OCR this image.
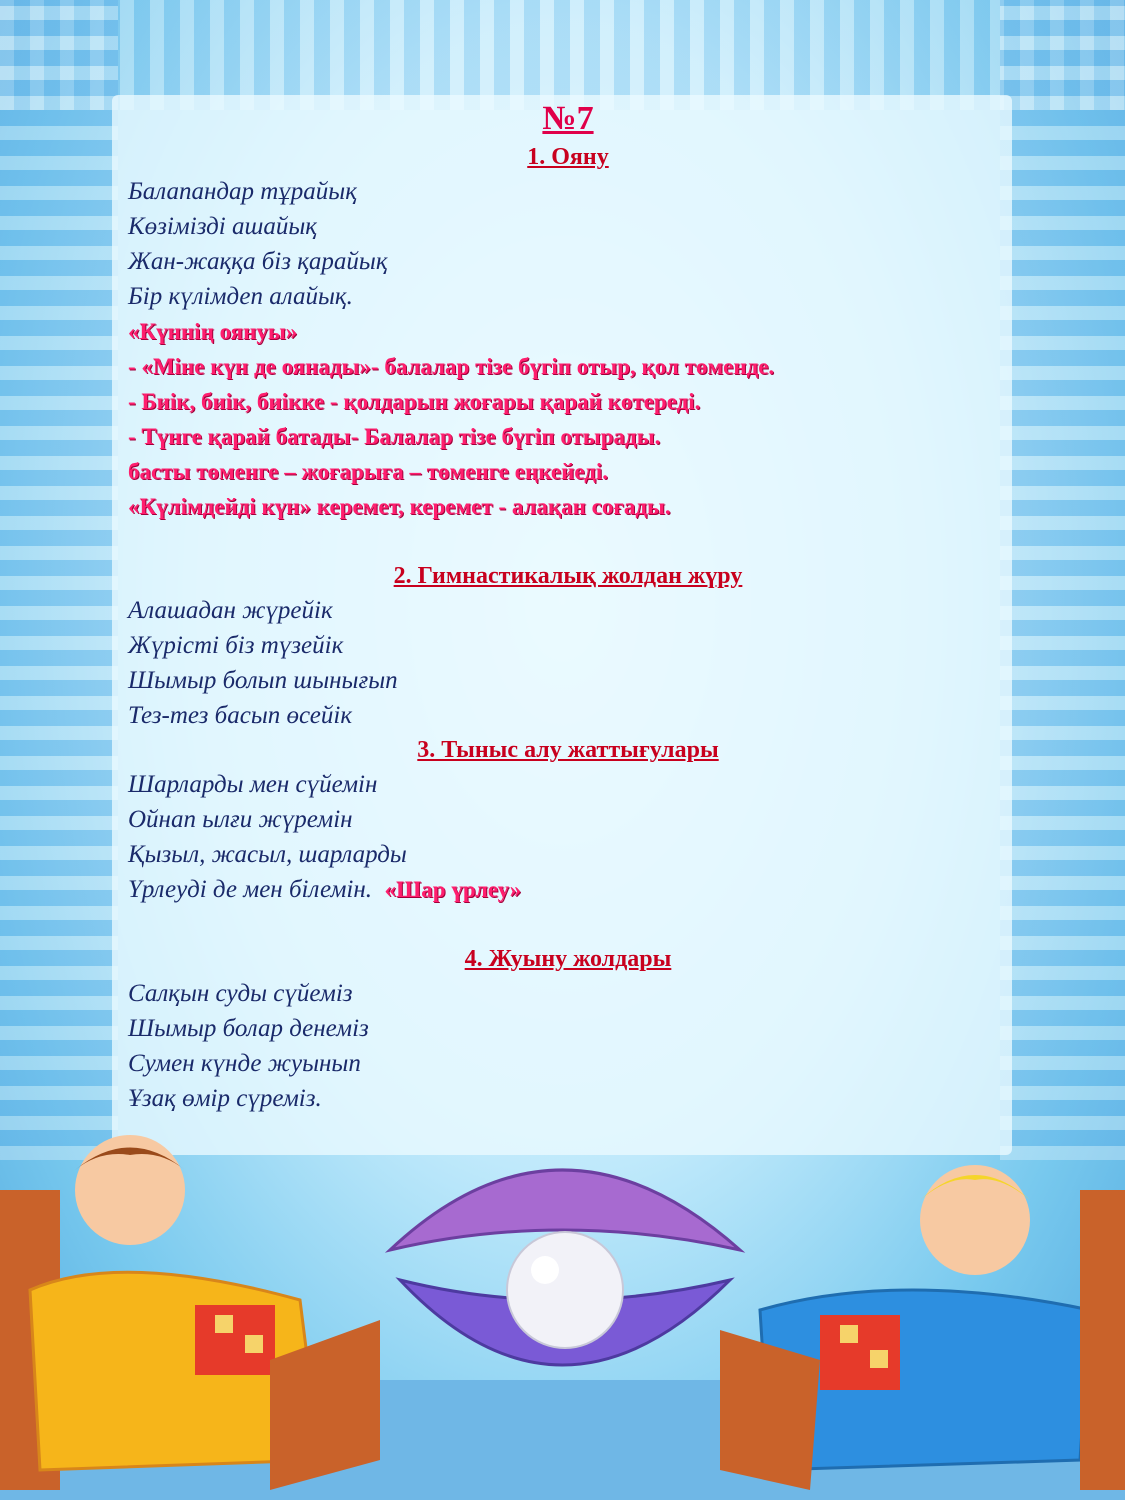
№7
1. Ояну
Балапандар тұрайық
Көзімізді ашайық
Жан-жаққа біз қарайық
Бір күлімдеп алайық.
«Күннің оянуы»
- «Міне күн де оянады»- балалар тізе бүгіп отыр, қол төменде.
- Биік, биік, биікке - қолдарын жоғары қарай көтереді.
- Түнге қарай батады- Балалар тізе бүгіп отырады.
басты төменге – жоғарыға – төменге еңкейеді.
«Күлімдейді күн» керемет, керемет - алақан соғады.
2. Гимнастикалық жолдан жүру
Алашадан жүрейік
Жүрісті біз түзейік
Шымыр болып шынығып
Тез-тез басып өсейік
3. Тыныс алу жаттығулары
Шарларды мен сүйемін
Ойнап ылғи жүремін
Қызыл, жасыл, шарларды
Үрлеуді де мен білемін. «Шар үрлеу»
4. Жуыну жолдары
Салқын суды сүйеміз
Шымыр болар денеміз
Сумен күнде жуынып
Ұзақ өмір сүреміз.
